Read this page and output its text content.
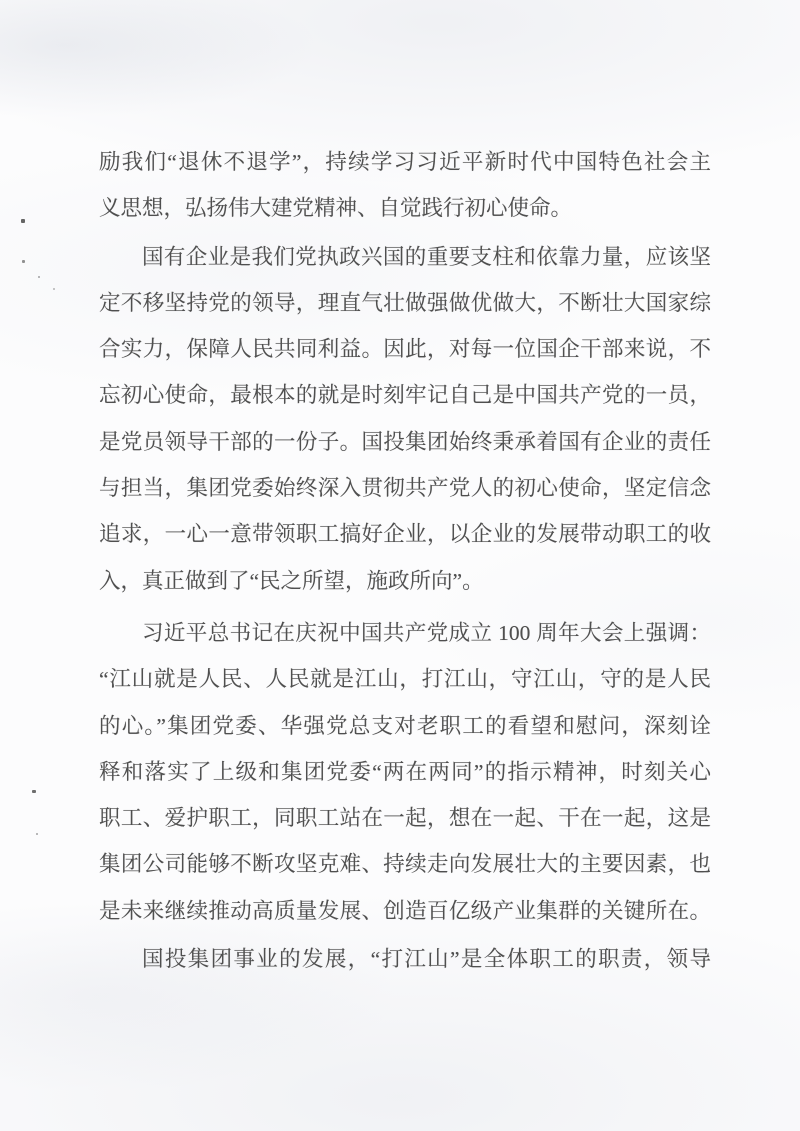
励我们“退休不退学”，持续学习习近平新时代中国特色社会主
义思想，弘扬伟大建党精神、自觉践行初心使命。
国有企业是我们党执政兴国的重要支柱和依靠力量，应该坚
定不移坚持党的领导，理直气壮做强做优做大，不断壮大国家综
合实力，保障人民共同利益。因此，对每一位国企干部来说，不
忘初心使命，最根本的就是时刻牢记自己是中国共产党的一员，
是党员领导干部的一份子。国投集团始终秉承着国有企业的责任
与担当，集团党委始终深入贯彻共产党人的初心使命，坚定信念
追求，一心一意带领职工搞好企业，以企业的发展带动职工的收
入，真正做到了“民之所望，施政所向”。
习近平总书记在庆祝中国共产党成立 100 周年大会上强调：
“江山就是人民、人民就是江山，打江山，守江山，守的是人民
的心。”集团党委、华强党总支对老职工的看望和慰问，深刻诠
释和落实了上级和集团党委“两在两同”的指示精神，时刻关心
职工、爱护职工，同职工站在一起，想在一起、干在一起，这是
集团公司能够不断攻坚克难、持续走向发展壮大的主要因素，也
是未来继续推动高质量发展、创造百亿级产业集群的关键所在。
国投集团事业的发展，“打江山”是全体职工的职责，领导
